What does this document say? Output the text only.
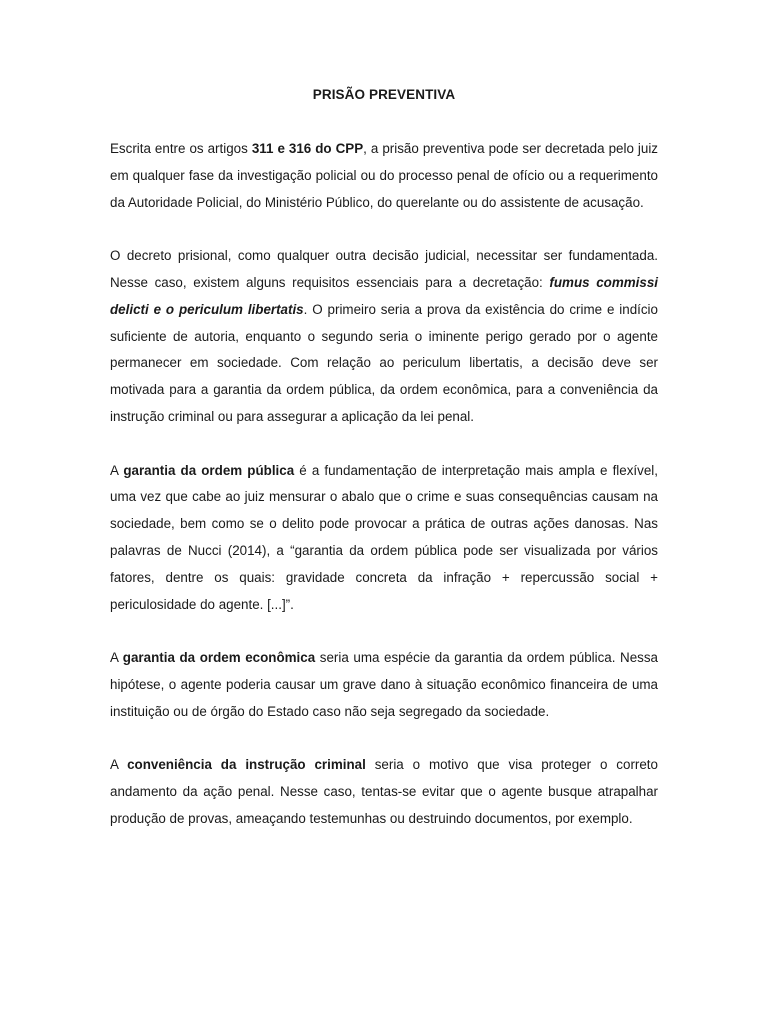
PRISÃO PREVENTIVA

Escrita entre os artigos 311 e 316 do CPP, a prisão preventiva pode ser decretada pelo juiz em qualquer fase da investigação policial ou do processo penal de ofício ou a requerimento da Autoridade Policial, do Ministério Público, do querelante ou do assistente de acusação.

O decreto prisional, como qualquer outra decisão judicial, necessitar ser fundamentada. Nesse caso, existem alguns requisitos essenciais para a decretação: fumus commissi delicti e o periculum libertatis. O primeiro seria a prova da existência do crime e indício suficiente de autoria, enquanto o segundo seria o iminente perigo gerado por o agente permanecer em sociedade. Com relação ao periculum libertatis, a decisão deve ser motivada para a garantia da ordem pública, da ordem econômica, para a conveniência da instrução criminal ou para assegurar a aplicação da lei penal.

A garantia da ordem pública é a fundamentação de interpretação mais ampla e flexível, uma vez que cabe ao juiz mensurar o abalo que o crime e suas consequências causam na sociedade, bem como se o delito pode provocar a prática de outras ações danosas. Nas palavras de Nucci (2014), a “garantia da ordem pública pode ser visualizada por vários fatores, dentre os quais: gravidade concreta da infração + repercussão social + periculosidade do agente. [...]”.

A garantia da ordem econômica seria uma espécie da garantia da ordem pública. Nessa hipótese, o agente poderia causar um grave dano à situação econômico financeira de uma instituição ou de órgão do Estado caso não seja segregado da sociedade.

A conveniência da instrução criminal seria o motivo que visa proteger o correto andamento da ação penal. Nesse caso, tentas-se evitar que o agente busque atrapalhar produção de provas, ameaçando testemunhas ou destruindo documentos, por exemplo.
